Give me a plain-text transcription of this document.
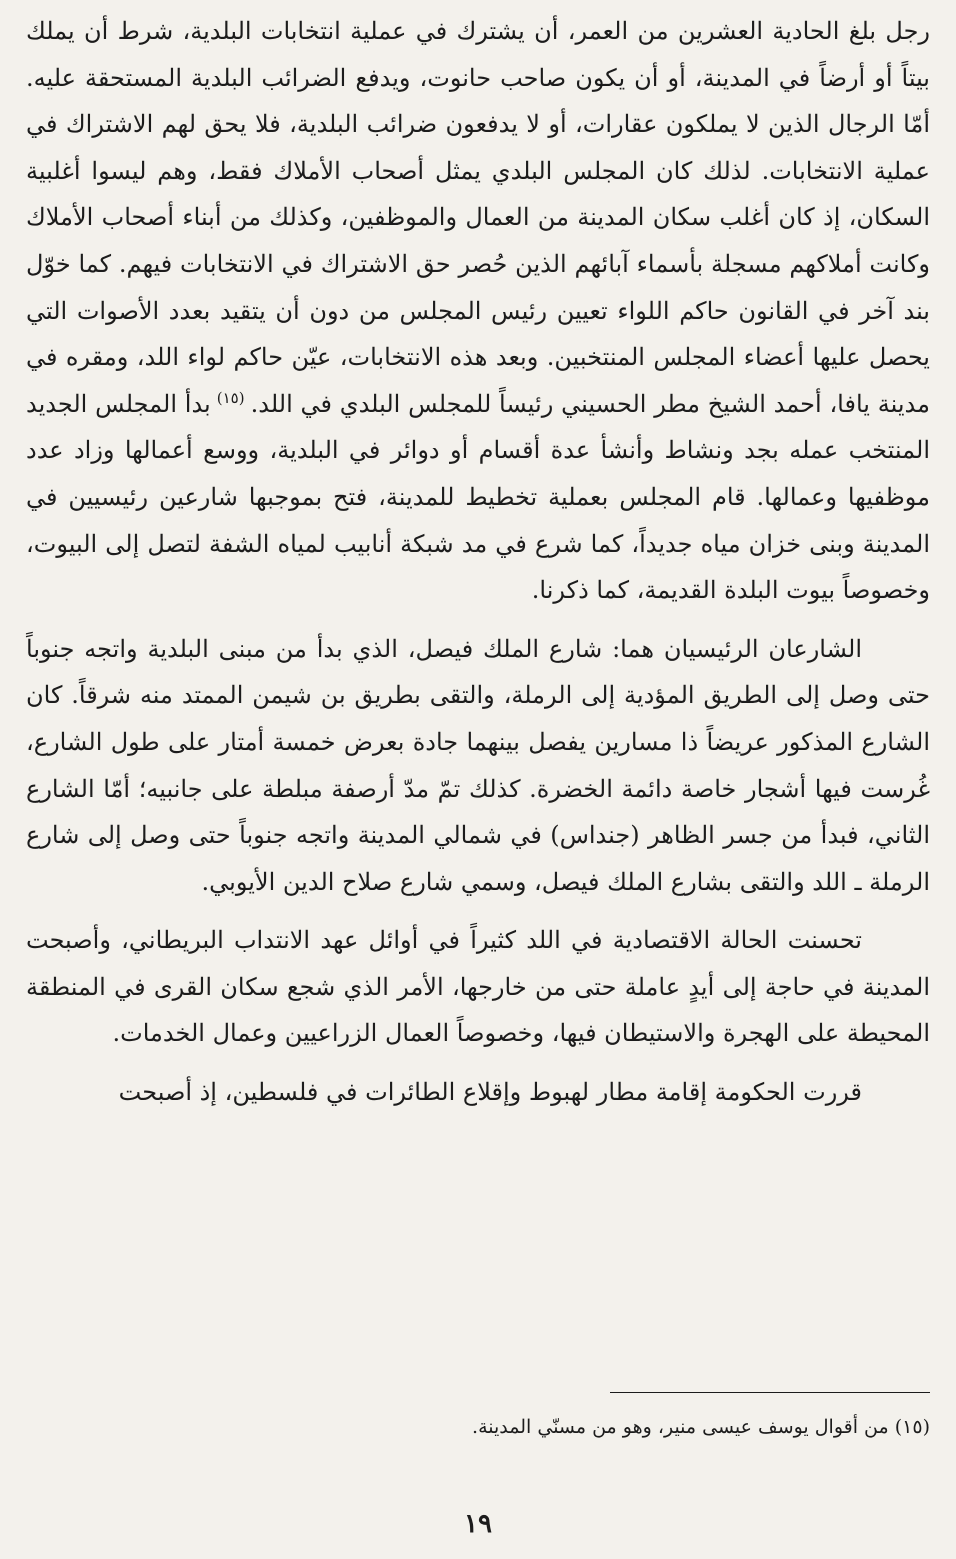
رجل بلغ الحادية العشرين من العمر، أن يشترك في عملية انتخابات البلدية، شرط أن يملك بيتاً أو أرضاً في المدينة، أو أن يكون صاحب حانوت، ويدفع الضرائب البلدية المستحقة عليه. أمّا الرجال الذين لا يملكون عقارات، أو لا يدفعون ضرائب البلدية، فلا يحق لهم الاشتراك في عملية الانتخابات. لذلك كان المجلس البلدي يمثل أصحاب الأملاك فقط، وهم ليسوا أغلبية السكان، إذ كان أغلب سكان المدينة من العمال والموظفين، وكذلك من أبناء أصحاب الأملاك وكانت أملاكهم مسجلة بأسماء آبائهم الذين حُصر حق الاشتراك في الانتخابات فيهم. كما خوّل بند آخر في القانون حاكم اللواء تعيين رئيس المجلس من دون أن يتقيد بعدد الأصوات التي يحصل عليها أعضاء المجلس المنتخبين. وبعد هذه الانتخابات، عيّن حاكم لواء اللد، ومقره في مدينة يافا، أحمد الشيخ مطر الحسيني رئيساً للمجلس البلدي في اللد.$^{(١٥)}$بدأ المجلس الجديد المنتخب عمله بجد ونشاط وأنشأ عدة أقسام أو دوائر في البلدية، ووسع أعمالها وزاد عدد موظفيها وعمالها. قام المجلس بعملية تخطيط للمدينة، فتح بموجبها شارعين رئيسيين في المدينة وبنى خزان مياه جديداً، كما شرع في مد شبكة أنابيب لمياه الشفة لتصل إلى البيوت، وخصوصاً بيوت البلدة القديمة، كما ذكرنا.

الشارعان الرئيسيان هما: شارع الملك فيصل، الذي بدأ من مبنى البلدية واتجه جنوباً حتى وصل إلى الطريق المؤدية إلى الرملة، والتقى بطريق بن شيمن الممتد منه شرقاً. كان الشارع المذكور عريضاً ذا مسارين يفصل بينهما جادة بعرض خمسة أمتار على طول الشارع، غُرست فيها أشجار خاصة دائمة الخضرة. كذلك تمّ مدّ أرصفة مبلطة على جانبيه؛ أمّا الشارع الثاني، فبدأ من جسر الظاهر (جنداس) في شمالي المدينة واتجه جنوباً حتى وصل إلى شارع الرملة ـ اللد والتقى بشارع الملك فيصل، وسمي شارع صلاح الدين الأيوبي.

تحسنت الحالة الاقتصادية في اللد كثيراً في أوائل عهد الانتداب البريطاني، وأصبحت المدينة في حاجة إلى أيدٍ عاملة حتى من خارجها، الأمر الذي شجع سكان القرى في المنطقة المحيطة على الهجرة والاستيطان فيها، وخصوصاً العمال الزراعيين وعمال الخدمات.

قررت الحكومة إقامة مطار لهبوط وإقلاع الطائرات في فلسطين، إذ أصبحت

(١٥) من أقوال يوسف عيسى منير، وهو من مسنّي المدينة.

١٩
